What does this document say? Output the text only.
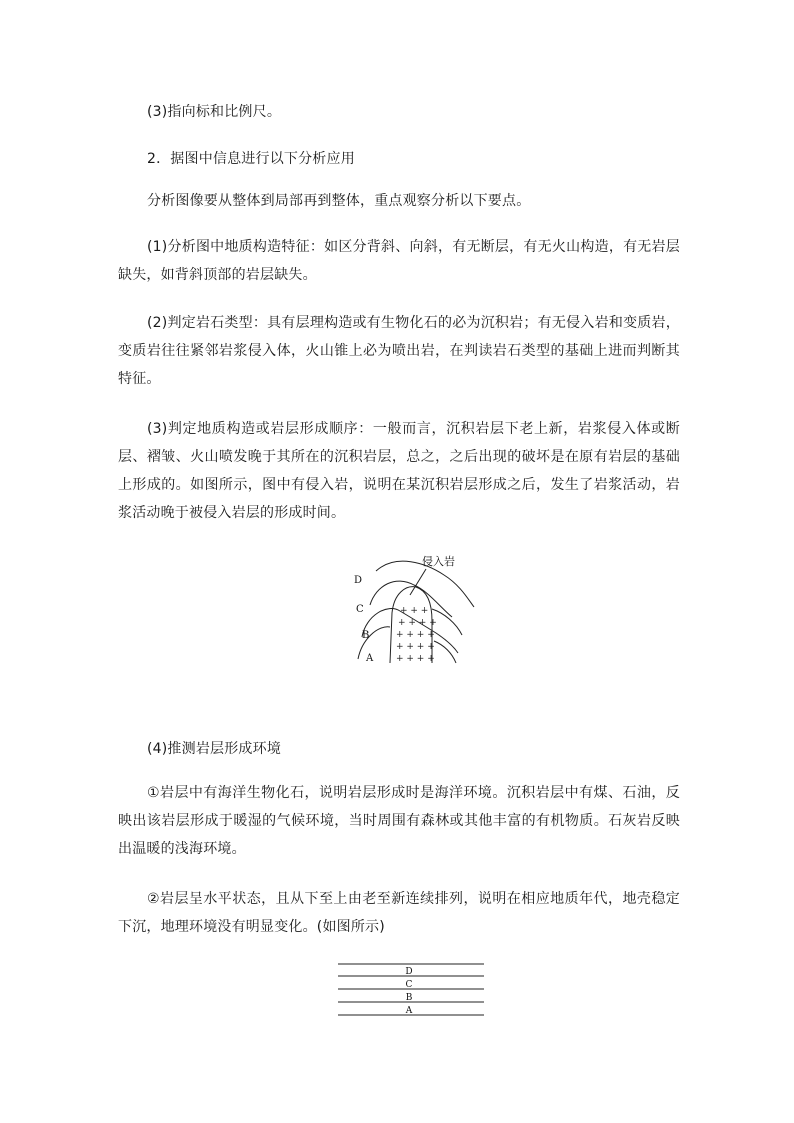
(3)指向标和比例尺。

2．据图中信息进行以下分析应用

分析图像要从整体到局部再到整体，重点观察分析以下要点。

(1)分析图中地质构造特征：如区分背斜、向斜，有无断层，有无火山构造，有无岩层缺失，如背斜顶部的岩层缺失。

(2)判定岩石类型：具有层理构造或有生物化石的必为沉积岩；有无侵入岩和变质岩，变质岩往往紧邻岩浆侵入体，火山锥上必为喷出岩，在判读岩石类型的基础上进而判断其特征。

(3)判定地质构造或岩层形成顺序：一般而言，沉积岩层下老上新，岩浆侵入体或断层、褶皱、火山喷发晚于其所在的沉积岩层，总之，之后出现的破坏是在原有岩层的基础上形成的。如图所示，图中有侵入岩，说明在某沉积岩层形成之后，发生了岩浆活动，岩浆活动晚于被侵入岩层的形成时间。

+ + +
+ + + +
+ + + +
+ + + +
+ + + +
侵入岩
D
C
B
A

(4)推测岩层形成环境

①岩层中有海洋生物化石，说明岩层形成时是海洋环境。沉积岩层中有煤、石油，反映出该岩层形成于暖湿的气候环境，当时周围有森林或其他丰富的有机物质。石灰岩反映出温暖的浅海环境。

②岩层呈水平状态，且从下至上由老至新连续排列，说明在相应地质年代，地壳稳定下沉，地理环境没有明显变化。(如图所示)

D
C
B
A
